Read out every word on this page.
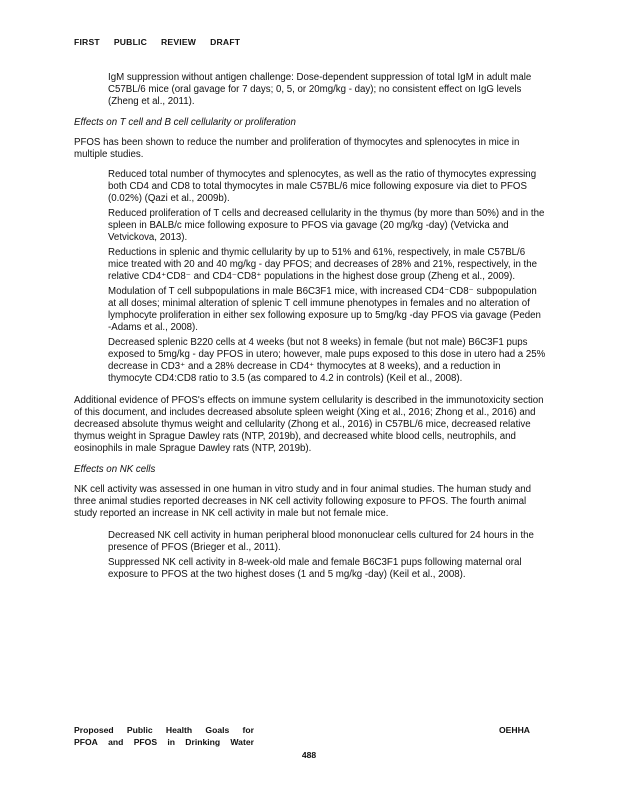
FIRST PUBLIC REVIEW DRAFT
IgM suppression without antigen challenge: Dose-dependent suppression of total IgM in adult male C57BL/6 mice (oral gavage for 7 days; 0, 5, or 20mg/kg - day); no consistent effect on IgG levels (Zheng et al., 2011).
Effects on T cell and B cell cellularity or proliferation

PFOS has been shown to reduce the number and proliferation of thymocytes and splenocytes in mice in multiple studies.

Reduced total number of thymocytes and splenocytes, as well as the ratio of thymocytes expressing both CD4 and CD8 to total thymocytes in male C57BL/6 mice following exposure via diet to PFOS (0.02%) (Qazi et al., 2009b).
Reduced proliferation of T cells and decreased cellularity in the thymus (by more than 50%) and in the spleen in BALB/c mice following exposure to PFOS via gavage (20 mg/kg -day) (Vetvicka and Vetvickova, 2013).
Reductions in splenic and thymic cellularity by up to 51% and 61%, respectively, in male C57BL/6 mice treated with 20 and 40 mg/kg - day PFOS; and decreases of 28% and 21%, respectively, in the relative CD4⁺CD8⁻ and CD4⁻CD8⁺ populations in the highest dose group (Zheng et al., 2009).
Modulation of T cell subpopulations in male B6C3F1 mice, with increased CD4⁻CD8⁻ subpopulation at all doses; minimal alteration of splenic T cell immune phenotypes in females and no alteration of lymphocyte proliferation in either sex following exposure up to 5mg/kg -day PFOS via gavage (Peden -Adams et al., 2008).
Decreased splenic B220 cells at 4 weeks (but not 8 weeks) in female (but not male) B6C3F1 pups exposed to 5mg/kg - day PFOS in utero; however, male pups exposed to this dose in utero had a 25% decrease in CD3⁺ and a 28% decrease in CD4⁺ thymocytes at 8 weeks), and a reduction in thymocyte CD4:CD8 ratio to 3.5 (as compared to 4.2 in controls) (Keil et al., 2008).

Additional evidence of PFOS's effects on immune system cellularity is described in the immunotoxicity section of this document, and includes decreased absolute spleen weight (Xing et al., 2016; Zhong et al., 2016) and decreased absolute thymus weight and cellularity (Zhong et al., 2016) in C57BL/6 mice, decreased relative thymus weight in Sprague Dawley rats (NTP, 2019b), and decreased white blood cells, neutrophils, and eosinophils in male Sprague Dawley rats (NTP, 2019b).

Effects on NK cells

NK cell activity was assessed in one human in vitro study and in four animal studies. The human study and three animal studies reported decreases in NK cell activity following exposure to PFOS. The fourth animal study reported an increase in NK cell activity in male but not female mice.

Decreased NK cell activity in human peripheral blood mononuclear cells cultured for 24 hours in the presence of PFOS (Brieger et al., 2011).
Suppressed NK cell activity in 8-week-old male and female B6C3F1 pups following maternal oral exposure to PFOS at the two highest doses (1 and 5 mg/kg -day) (Keil et al., 2008).
Proposed Public Health Goals for
PFOA and PFOS in Drinking Water
OEHHA
488
